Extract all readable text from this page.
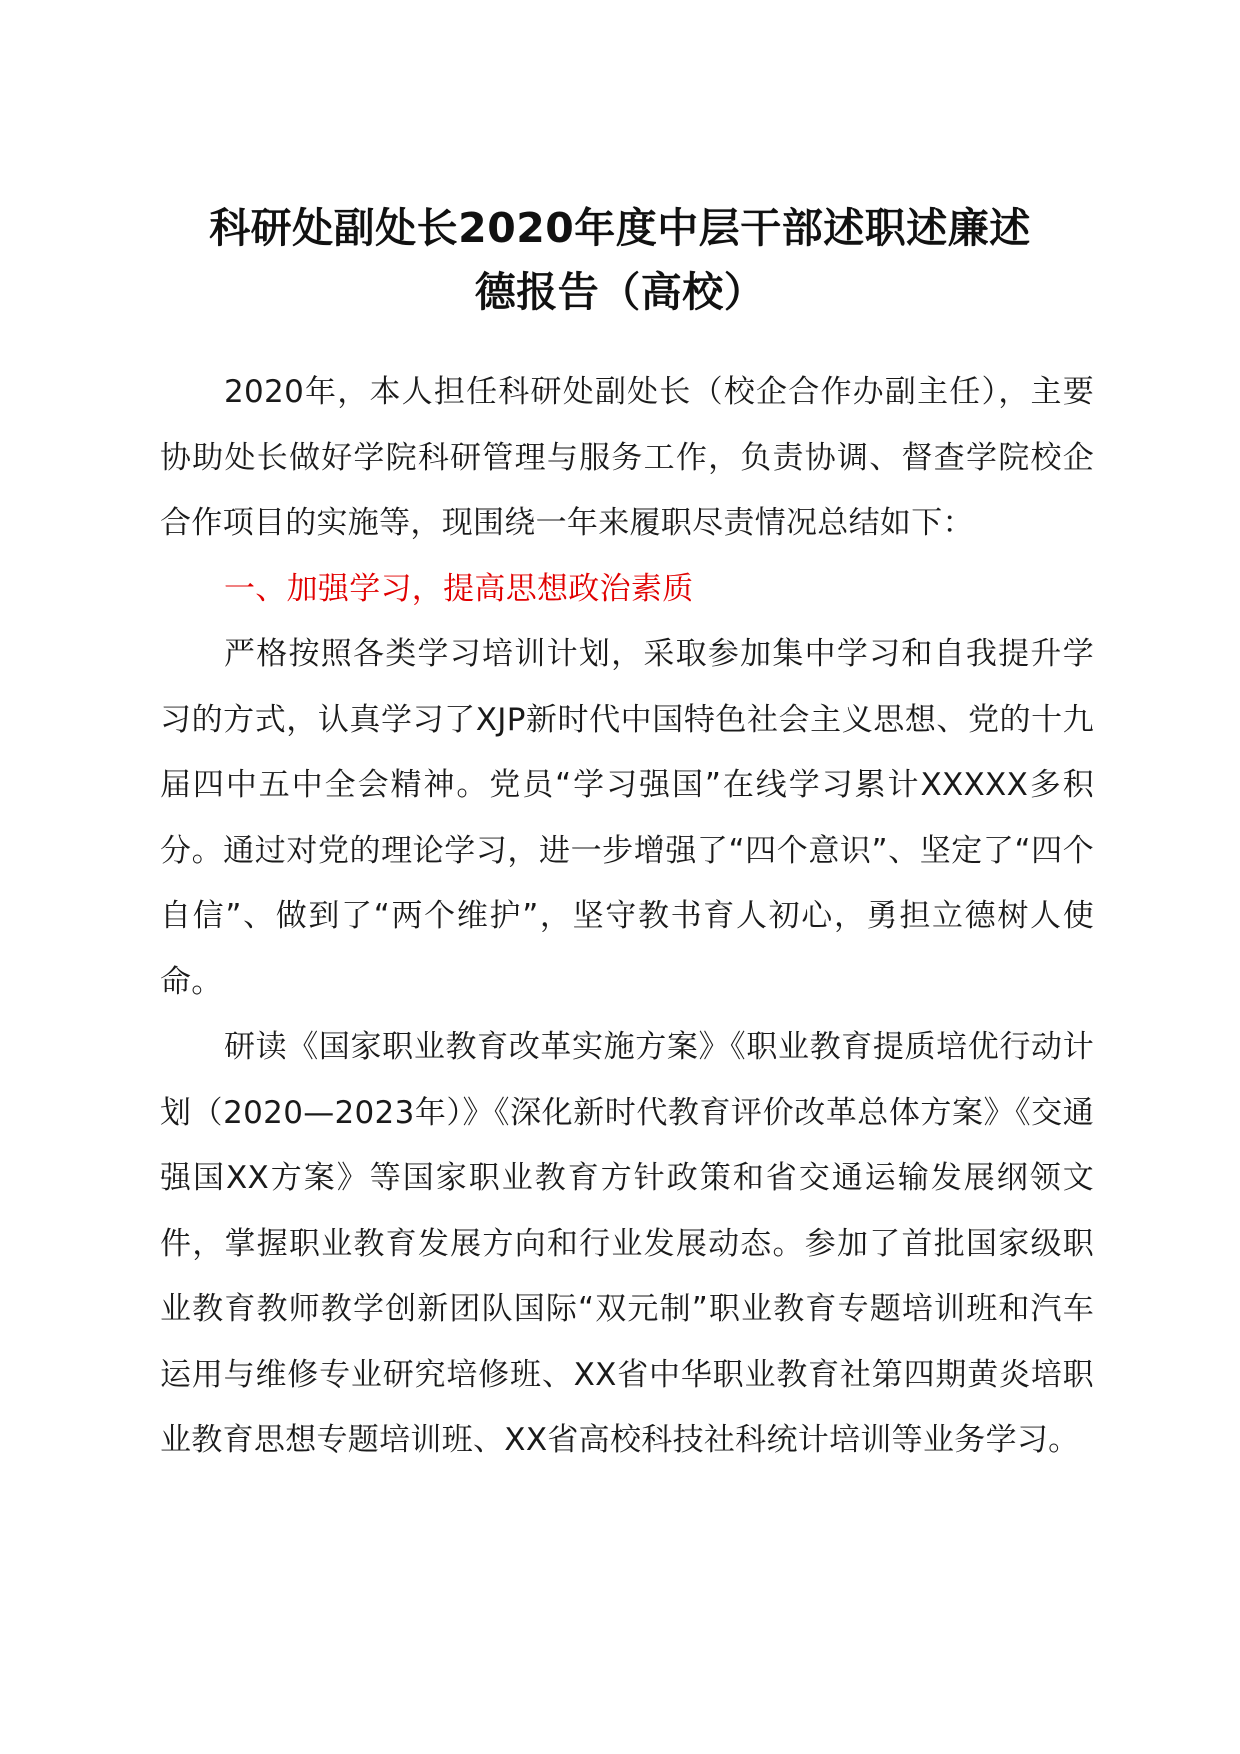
科研处副处长2020年度中层干部述职述廉述
德报告（高校）

2020年，本人担任科研处副处长（校企合作办副主任），主要协助处长做好学院科研管理与服务工作，负责协调、督查学院校企合作项目的实施等，现围绕一年来履职尽责情况总结如下：

一、加强学习，提高思想政治素质

严格按照各类学习培训计划，采取参加集中学习和自我提升学习的方式，认真学习了XJP新时代中国特色社会主义思想、党的十九届四中五中全会精神。党员“学习强国”在线学习累计XXXXX多积分。通过对党的理论学习，进一步增强了“四个意识”、坚定了“四个自信”、做到了“两个维护”，坚守教书育人初心，勇担立德树人使命。

研读《国家职业教育改革实施方案》《职业教育提质培优行动计划（2020—2023年）》《深化新时代教育评价改革总体方案》《交通强国XX方案》等国家职业教育方针政策和省交通运输发展纲领文件，掌握职业教育发展方向和行业发展动态。参加了首批国家级职业教育教师教学创新团队国际“双元制”职业教育专题培训班和汽车运用与维修专业研究培修班、XX省中华职业教育社第四期黄炎培职业教育思想专题培训班、XX省高校科技社科统计培训等业务学习。
